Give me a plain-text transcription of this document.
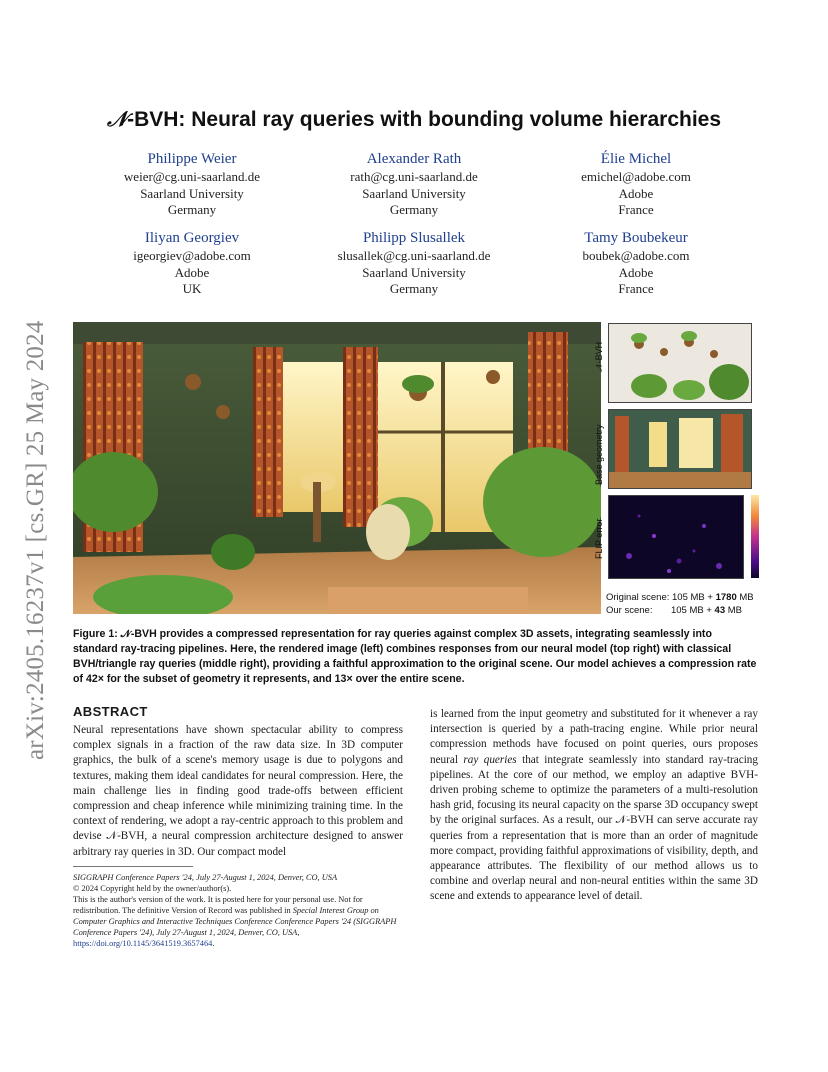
arXiv:2405.16237v1 [cs.GR] 25 May 2024
𝒩-BVH: Neural ray queries with bounding volume hierarchies
Philippe Weier
weier@cg.uni-saarland.de
Saarland University
Germany
Alexander Rath
rath@cg.uni-saarland.de
Saarland University
Germany
Élie Michel
emichel@adobe.com
Adobe
France
Iliyan Georgiev
igeorgiev@adobe.com
Adobe
UK
Philipp Slusallek
slusallek@cg.uni-saarland.de
Saarland University
Germany
Tamy Boubekeur
boubek@adobe.com
Adobe
France
𝒩-BVH
Base geometry
FLIP error
Original scene: 105 MB + 1780 MB
Our scene: 105 MB + 43 MB
Figure 1: 𝒩-BVH provides a compressed representation for ray queries against complex 3D assets, integrating seamlessly into standard ray-tracing pipelines. Here, the rendered image (left) combines responses from our neural model (top right) with classical BVH/triangle ray queries (middle right), providing a faithful approximation to the original scene. Our model achieves a compression rate of 42× for the subset of geometry it represents, and 13× over the entire scene.
ABSTRACT

Neural representations have shown spectacular ability to compress complex signals in a fraction of the raw data size. In 3D computer graphics, the bulk of a scene's memory usage is due to polygons and textures, making them ideal candidates for neural compression. Here, the main challenge lies in finding good trade-offs between efficient compression and cheap inference while minimizing training time. In the context of rendering, we adopt a ray-centric approach to this problem and devise 𝒩-BVH, a neural compression architecture designed to answer arbitrary ray queries in 3D. Our compact model

is learned from the input geometry and substituted for it whenever a ray intersection is queried by a path-tracing engine. While prior neural compression methods have focused on point queries, ours proposes neural ray queries that integrate seamlessly into standard ray-tracing pipelines. At the core of our method, we employ an adaptive BVH-driven probing scheme to optimize the parameters of a multi-resolution hash grid, focusing its neural capacity on the sparse 3D occupancy swept by the original surfaces. As a result, our 𝒩-BVH can serve accurate ray queries from a representation that is more than an order of magnitude more compact, providing faithful approximations of visibility, depth, and appearance attributes. The flexibility of our method allows us to combine and overlap neural and non-neural entities within the same 3D scene and extends to appearance level of detail.

SIGGRAPH Conference Papers '24, July 27-August 1, 2024, Denver, CO, USA
© 2024 Copyright held by the owner/author(s).
This is the author's version of the work. It is posted here for your personal use. Not for redistribution. The definitive Version of Record was published in Special Interest Group on Computer Graphics and Interactive Techniques Conference Conference Papers '24 (SIGGRAPH Conference Papers '24), July 27-August 1, 2024, Denver, CO, USA, https://doi.org/10.1145/3641519.3657464.
